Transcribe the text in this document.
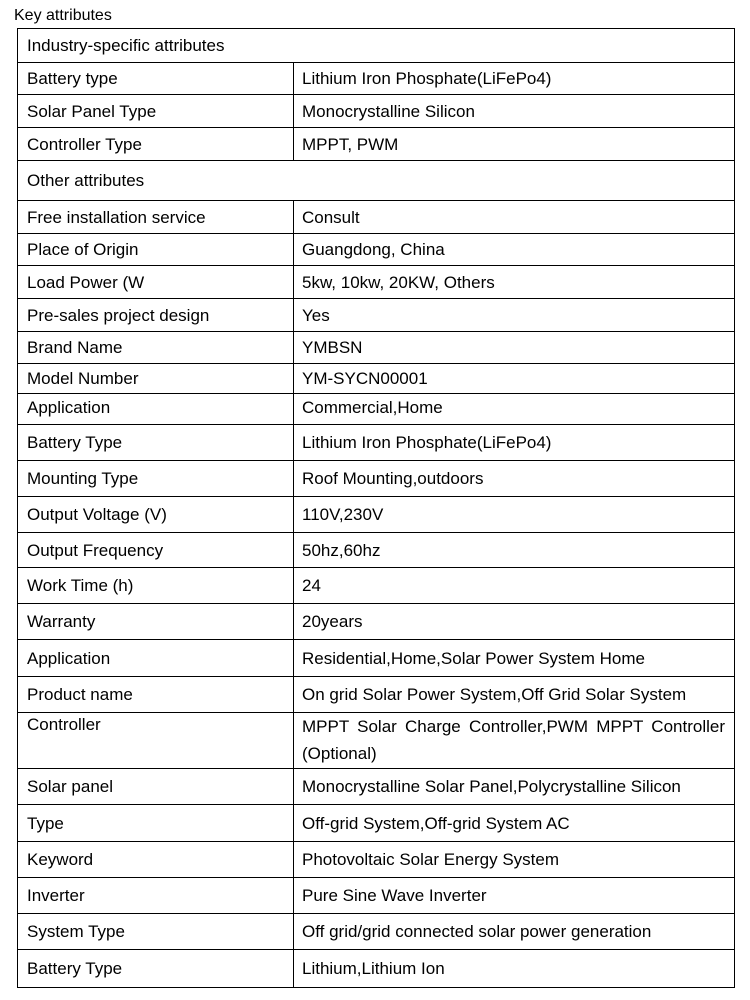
Key attributes
Industry-specific attributes	
Battery type	Lithium Iron Phosphate(LiFePo4)
Solar Panel Type	Monocrystalline Silicon
Controller Type	MPPT, PWM
Other attributes	
Free installation service	Consult
Place of Origin	Guangdong, China
Load Power (W	5kw, 10kw, 20KW, Others
Pre-sales project design	Yes
Brand Name	YMBSN
Model Number	YM-SYCN00001
Application	Commercial,Home
Battery Type	Lithium Iron Phosphate(LiFePo4)
Mounting Type	Roof Mounting,outdoors
Output Voltage (V)	110V,230V
Output Frequency	50hz,60hz
Work Time (h)	24
Warranty	20years
Application	Residential,Home,Solar Power System Home
Product name	On grid Solar Power System,Off Grid Solar System
Controller	MPPT Solar Charge Controller,PWM MPPT Controller (Optional)
Solar panel	Monocrystalline Solar Panel,Polycrystalline Silicon
Type	Off-grid System,Off-grid System AC
Keyword	Photovoltaic Solar Energy System
Inverter	Pure Sine Wave Inverter
System Type	Off grid/grid connected solar power generation
Battery Type	Lithium,Lithium Ion
